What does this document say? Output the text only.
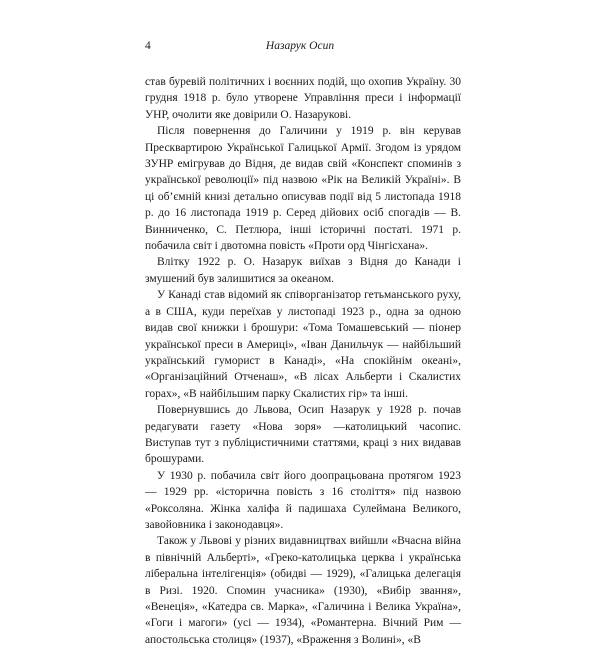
4	Назарук Осип

став буревій політичних і воєнних подій, що охопив Україну. 30 грудня 1918 р. було утворене Управління преси і інформації УНР, очолити яке довірили О. Назарукові.

Після повернення до Галичини у 1919 р. він керував Пресквартирою Української Галицької Армії. Згодом із урядом ЗУНР емігрував до Відня, де видав свій «Конспект споминів з української революції» під назвою «Рік на Великій Україні». В ці об’ємній книзі детально описував події від 5 листопада 1918 р. до 16 листопада 1919 р. Серед дійових осіб спогадів — В. Винниченко, С. Петлюра, інші історичні постаті. 1971 р. побачила світ і двотомна повість «Проти орд Чінгісхана».

Влітку 1922 р. О. Назарук виїхав з Відня до Канади і змушений був залишитися за океаном.

У Канаді став відомий як співорганізатор гетьманського руху, а в США, куди переїхав у листопаді 1923 р., одна за одною видав свої книжки і брошури: «Тома Томашевський — піонер української преси в Америці», «Іван Данильчук — найбільший український гуморист в Канаді», «На спокійнім океані», «Організаційний Отченаш», «В лісах Альберти і Скалистих горах», «В найбільшим парку Скалистих гір» та інші.

Повернувшись до Львова, Осип Назарук у 1928 р. почав редагувати газету «Нова зоря» —католицький часопис. Виступав тут з публіцистичними статтями, краці з них видавав брошурами.

У 1930 р. побачила світ його доопрацьована протягом 1923 — 1929 рр. «історична повість з 16 століття» під назвою «Роксоляна. Жінка халіфа й падишаха Сулеймана Великого, завойовника і законодавця».

Також у Львові у різних видавництвах вийшли «Вчасна війна в північній Альберті», «Греко-католицька церква і українська ліберальна інтелігенція» (обидві — 1929), «Галицька делегація в Ризі. 1920. Спомин учасника» (1930), «Вибір звання», «Венеція», «Катедра св. Марка», «Галичина і Велика Україна», «Гоги і магоги» (усі — 1934), «Романтерна. Вічний Рим — апостольська столиця» (1937), «Враження з Волині», «В
